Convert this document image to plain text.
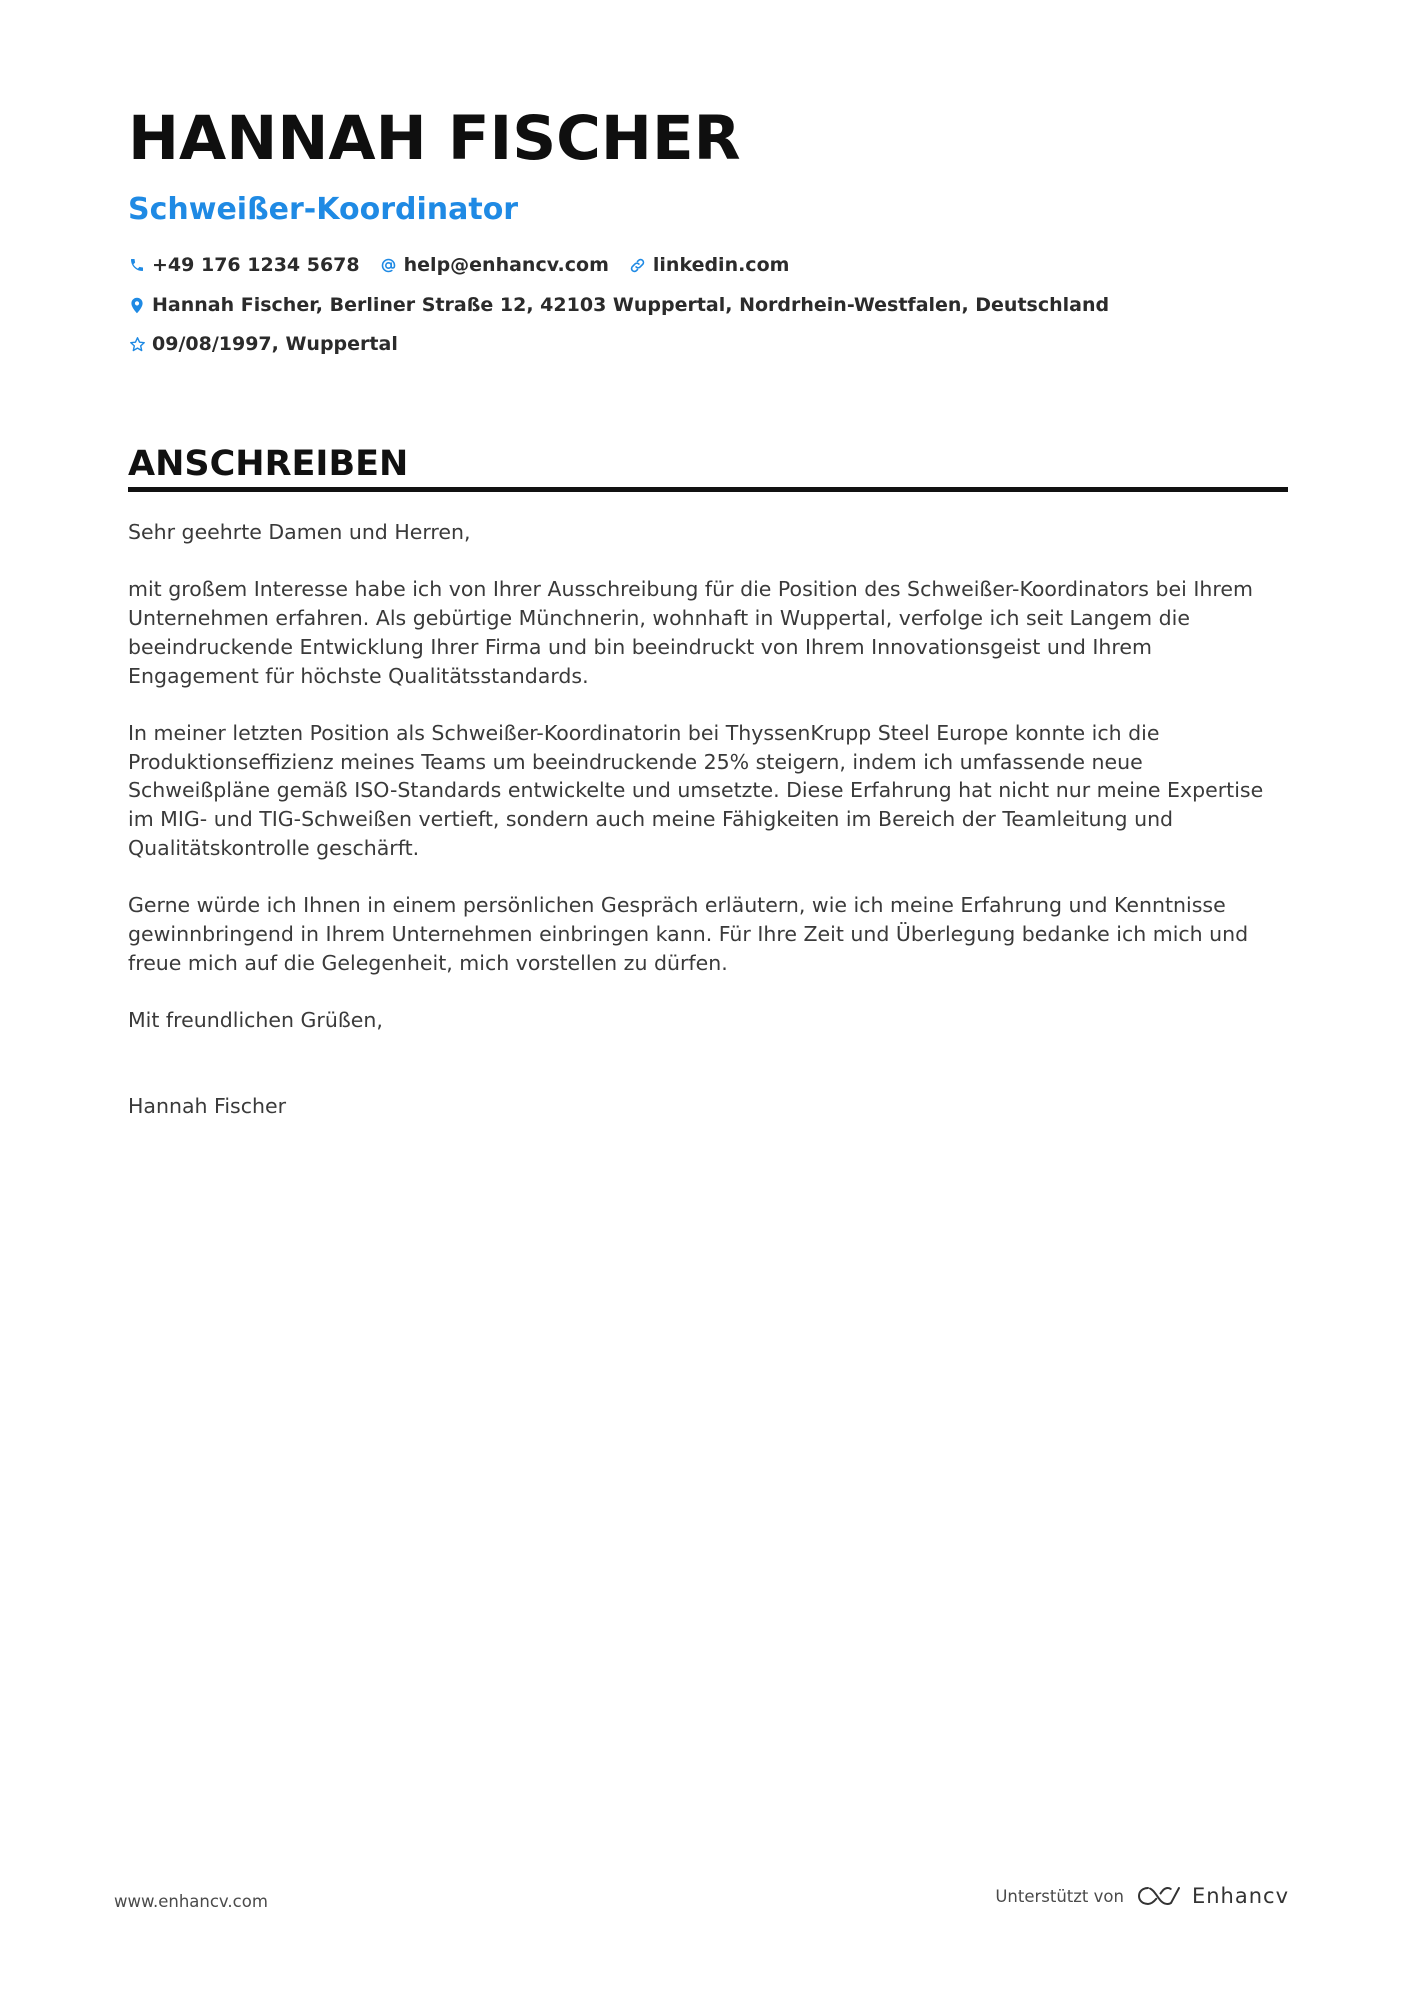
HANNAH FISCHER
Schweißer-Koordinator
+49 176 1234 5678 help@enhancv.com linkedin.com
Hannah Fischer, Berliner Straße 12, 42103 Wuppertal, Nordrhein-Westfalen, Deutschland
09/08/1997, Wuppertal
ANSCHREIBEN

Sehr geehrte Damen und Herren,

mit großem Interesse habe ich von Ihrer Ausschreibung für die Position des Schweißer-Koordinators bei Ihrem Unternehmen erfahren. Als gebürtige Münchnerin, wohnhaft in Wuppertal, verfolge ich seit Langem die beeindruckende Entwicklung Ihrer Firma und bin beeindruckt von Ihrem Innovationsgeist und Ihrem Engagement für höchste Qualitätsstandards.

In meiner letzten Position als Schweißer-Koordinatorin bei ThyssenKrupp Steel Europe konnte ich die Produktionseffizienz meines Teams um beeindruckende 25% steigern, indem ich umfassende neue Schweißpläne gemäß ISO-Standards entwickelte und umsetzte. Diese Erfahrung hat nicht nur meine Expertise im MIG- und TIG-Schweißen vertieft, sondern auch meine Fähigkeiten im Bereich der Teamleitung und Qualitätskontrolle geschärft.

Gerne würde ich Ihnen in einem persönlichen Gespräch erläutern, wie ich meine Erfahrung und Kenntnisse gewinnbringend in Ihrem Unternehmen einbringen kann. Für Ihre Zeit und Überlegung bedanke ich mich und freue mich auf die Gelegenheit, mich vorstellen zu dürfen.

Mit freundlichen Grüßen,

Hannah Fischer

www.enhancv.com	Unterstützt von	Enhancv
